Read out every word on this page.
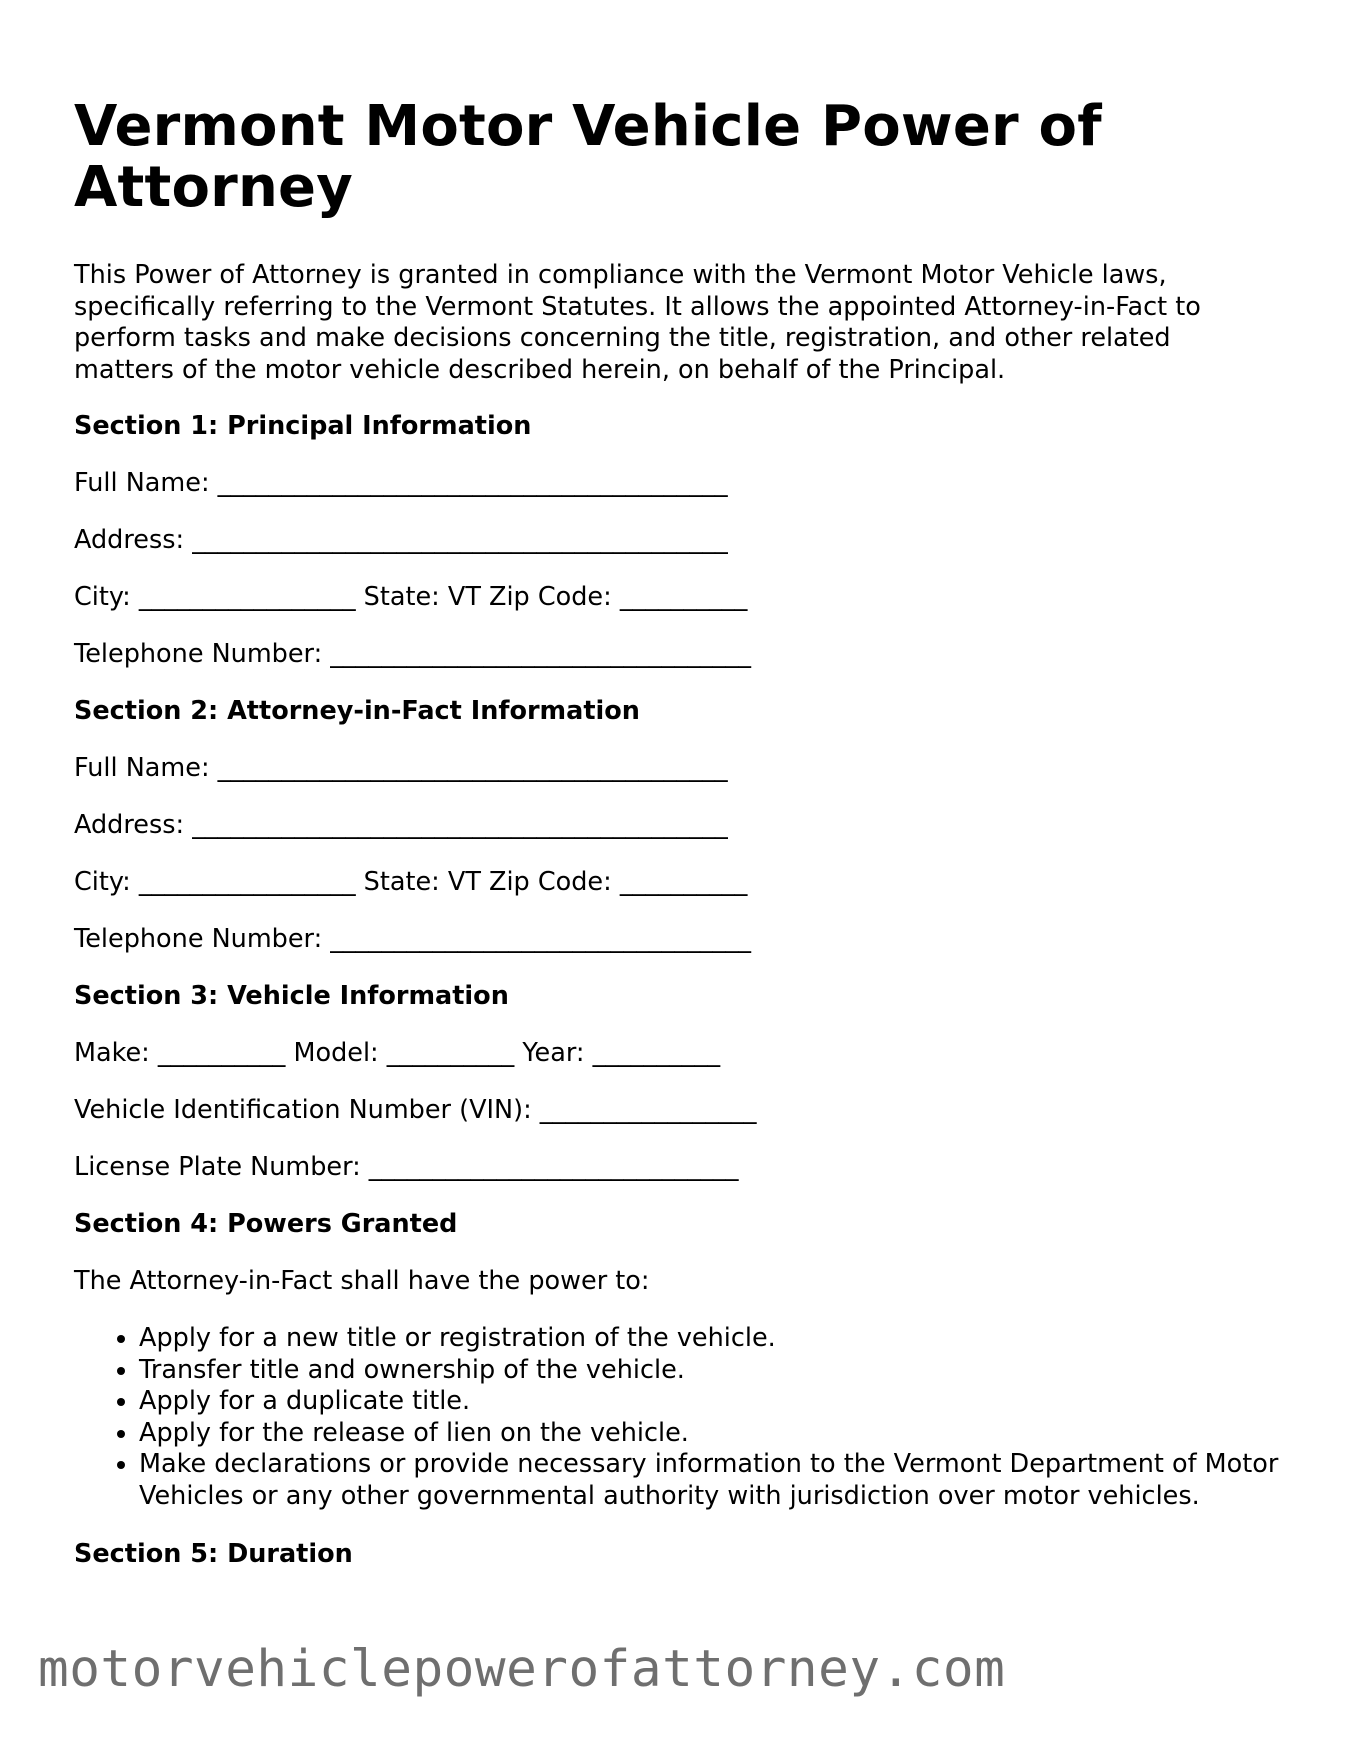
Vermont Motor Vehicle Power of Attorney

This Power of Attorney is granted in compliance with the Vermont Motor Vehicle laws, specifically referring to the Vermont Statutes. It allows the appointed Attorney-in-Fact to perform tasks and make decisions concerning the title, registration, and other related matters of the motor vehicle described herein, on behalf of the Principal.

Section 1: Principal Information

Full Name: ________________________________________

Address: __________________________________________

City: _________________ State: VT Zip Code: __________

Telephone Number: _________________________________

Section 2: Attorney-in-Fact Information

Full Name: ________________________________________

Address: __________________________________________

City: _________________ State: VT Zip Code: __________

Telephone Number: _________________________________

Section 3: Vehicle Information

Make: __________ Model: __________ Year: __________

Vehicle Identification Number (VIN): _________________

License Plate Number: _____________________________

Section 4: Powers Granted

The Attorney-in-Fact shall have the power to:

• Apply for a new title or registration of the vehicle.
• Transfer title and ownership of the vehicle.
• Apply for a duplicate title.
• Apply for the release of lien on the vehicle.
• Make declarations or provide necessary information to the Vermont Department of Motor Vehicles or any other governmental authority with jurisdiction over motor vehicles.
Section 5: Duration
motorvehiclepowerofattorney.com
